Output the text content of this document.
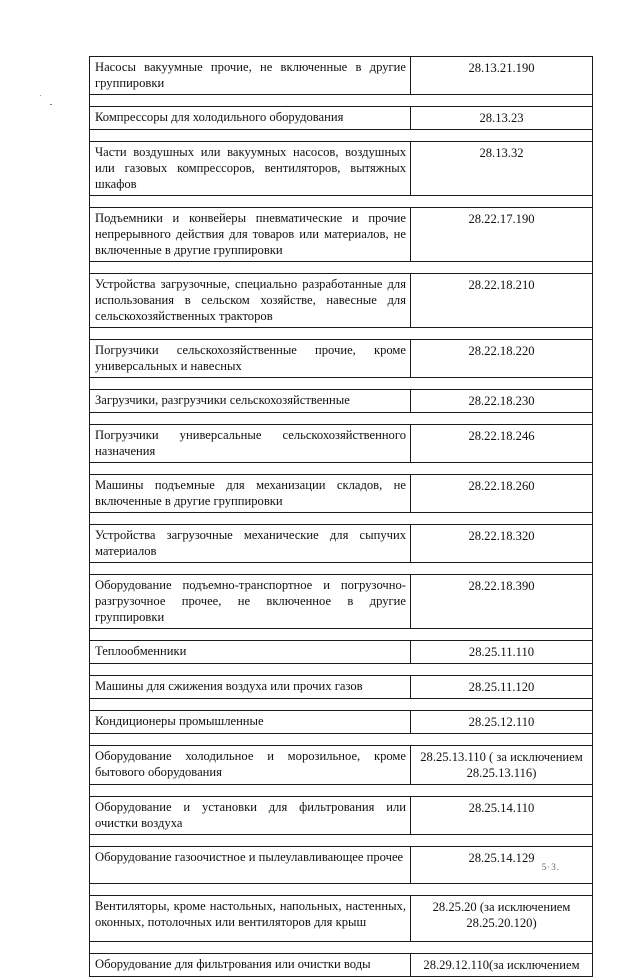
Насосы вакуумные прочие, не включенные в другие группировки	28.13.21.190

Компрессоры для холодильного оборудования	28.13.23

Части воздушных или вакуумных насосов, воздушных или газовых компрессоров, вентиляторов, вытяжных шкафов	28.13.32

Подъемники и конвейеры пневматические и прочие непрерывного действия для товаров или материалов, не включенные в другие группировки	28.22.17.190

Устройства загрузочные, специально разработанные для использования в сельском хозяйстве, навесные для сельскохозяйственных тракторов	28.22.18.210

Погрузчики сельскохозяйственные прочие, кроме универсальных и навесных	28.22.18.220

Загрузчики, разгрузчики сельскохозяйственные	28.22.18.230

Погрузчики универсальные сельскохозяйственного назначения	28.22.18.246

Машины подъемные для механизации складов, не включенные в другие группировки	28.22.18.260

Устройства загрузочные механические для сыпучих материалов	28.22.18.320

Оборудование подъемно-транспортное и погрузочно-разгрузочное прочее, не включенное в другие группировки	28.22.18.390

Теплообменники	28.25.11.110

Машины для сжижения воздуха или прочих газов	28.25.11.120

Кондиционеры промышленные	28.25.12.110

Оборудование холодильное и морозильное, кроме бытового оборудования	28.25.13.110 ( за исключением 28.25.13.116)

Оборудование и установки для фильтрования или очистки воздуха	28.25.14.110

Оборудование газоочистное и пылеулавливающее прочее	28.25.14.129

Вентиляторы, кроме настольных, напольных, настенных, оконных, потолочных или вентиляторов для крыш	28.25.20 (за исключением 28.25.20.120)

Оборудование для фильтрования или очистки воды	28.29.12.110(за исключением
5·3.
